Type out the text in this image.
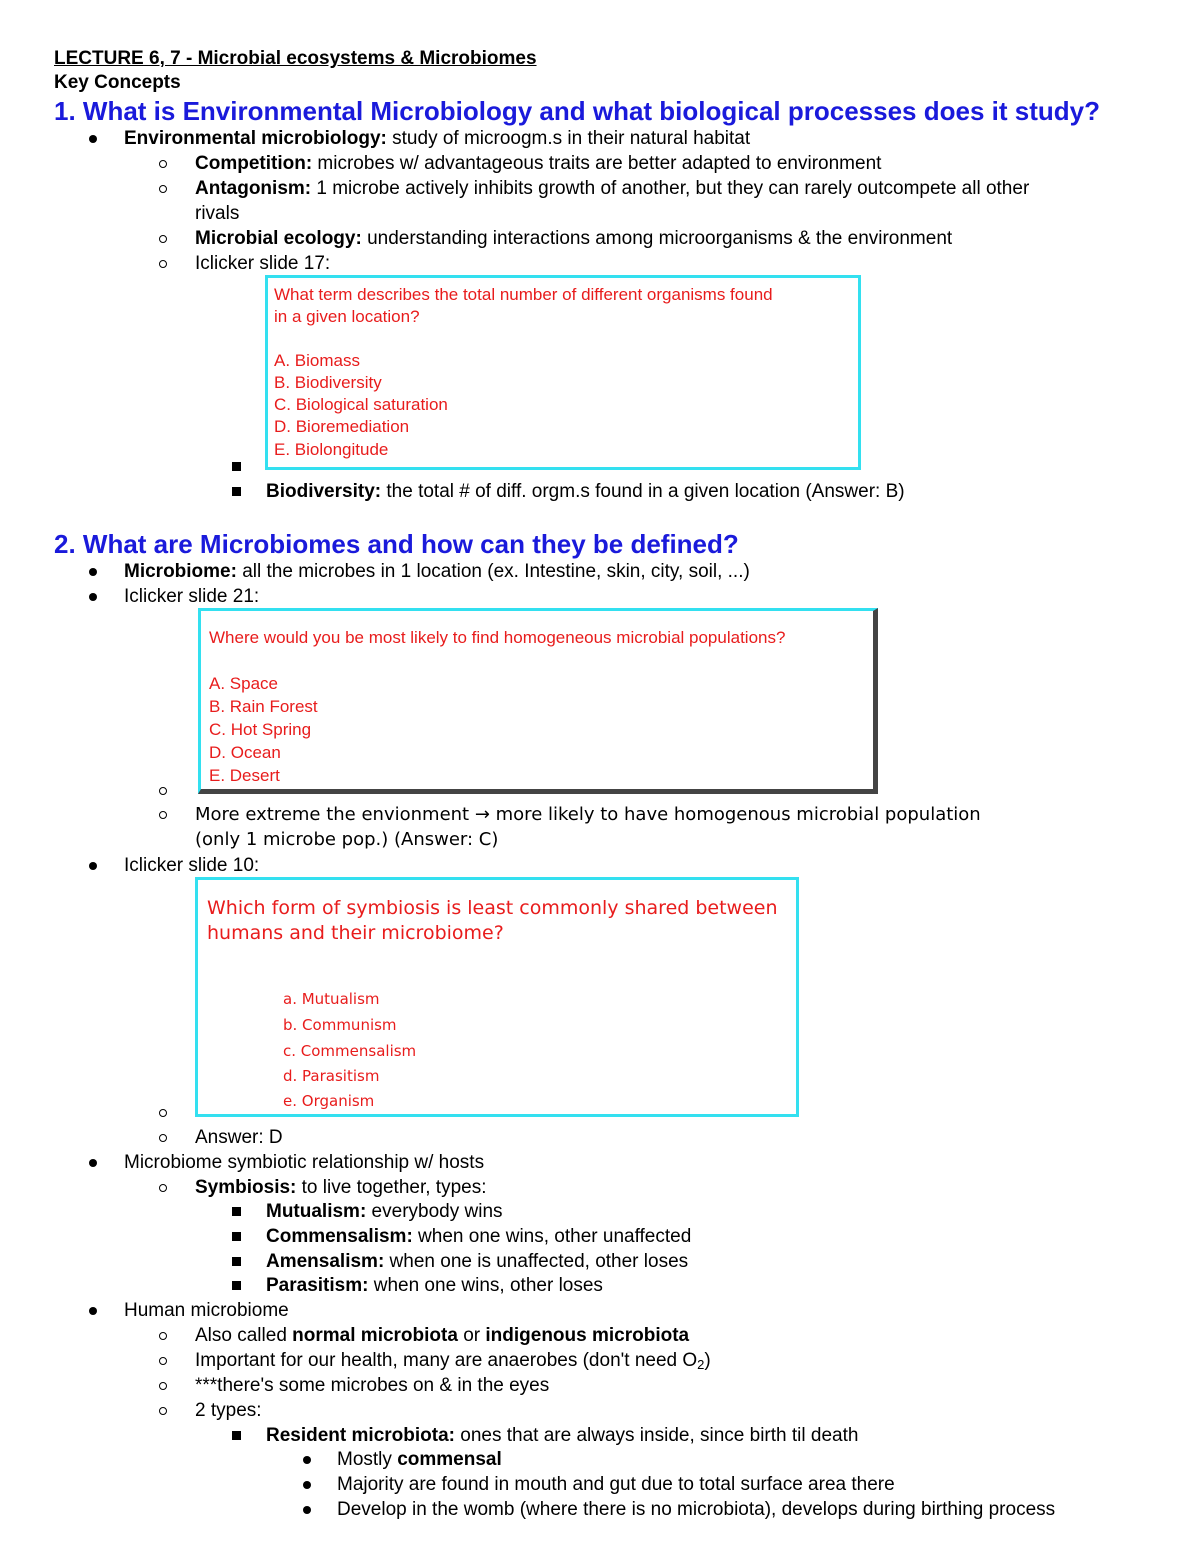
LECTURE 6, 7 - Microbial ecosystems & Microbiomes
Key Concepts
1. What is Environmental Microbiology and what biological processes does it study?
Environmental microbiology: study of microogm.s in their natural habitat
Competition: microbes w/ advantageous traits are better adapted to environment
Antagonism: 1 microbe actively inhibits growth of another, but they can rarely outcompete all other
rivals
Microbial ecology: understanding interactions among microorganisms & the environment
Iclicker slide 17:
What term describes the total number of different organisms found
in a given location?
A. Biomass
B. Biodiversity
C. Biological saturation
D. Bioremediation
E. Biolongitude
Biodiversity: the total # of diff. orgm.s found in a given location (Answer: B)
2. What are Microbiomes and how can they be defined?
Microbiome: all the microbes in 1 location (ex. Intestine, skin, city, soil, ...)
Iclicker slide 21:
Where would you be most likely to find homogeneous microbial populations?
A. Space
B. Rain Forest
C. Hot Spring
D. Ocean
E. Desert
More extreme the envionment → more likely to have homogenous microbial population
(only 1 microbe pop.) (Answer: C)
Iclicker slide 10:
Which form of symbiosis is least commonly shared between
humans and their microbiome?
a. Mutualism
b. Communism
c. Commensalism
d. Parasitism
e. Organism
Answer: D
Microbiome symbiotic relationship w/ hosts
Symbiosis: to live together, types:
Mutualism: everybody wins
Commensalism: when one wins, other unaffected
Amensalism: when one is unaffected, other loses
Parasitism: when one wins, other loses
Human microbiome
Also called normal microbiota or indigenous microbiota
Important for our health, many are anaerobes (don't need O2)
***there's some microbes on & in the eyes
2 types:
Resident microbiota: ones that are always inside, since birth til death
Mostly commensal
Majority are found in mouth and gut due to total surface area there
Develop in the womb (where there is no microbiota), develops during birthing process
